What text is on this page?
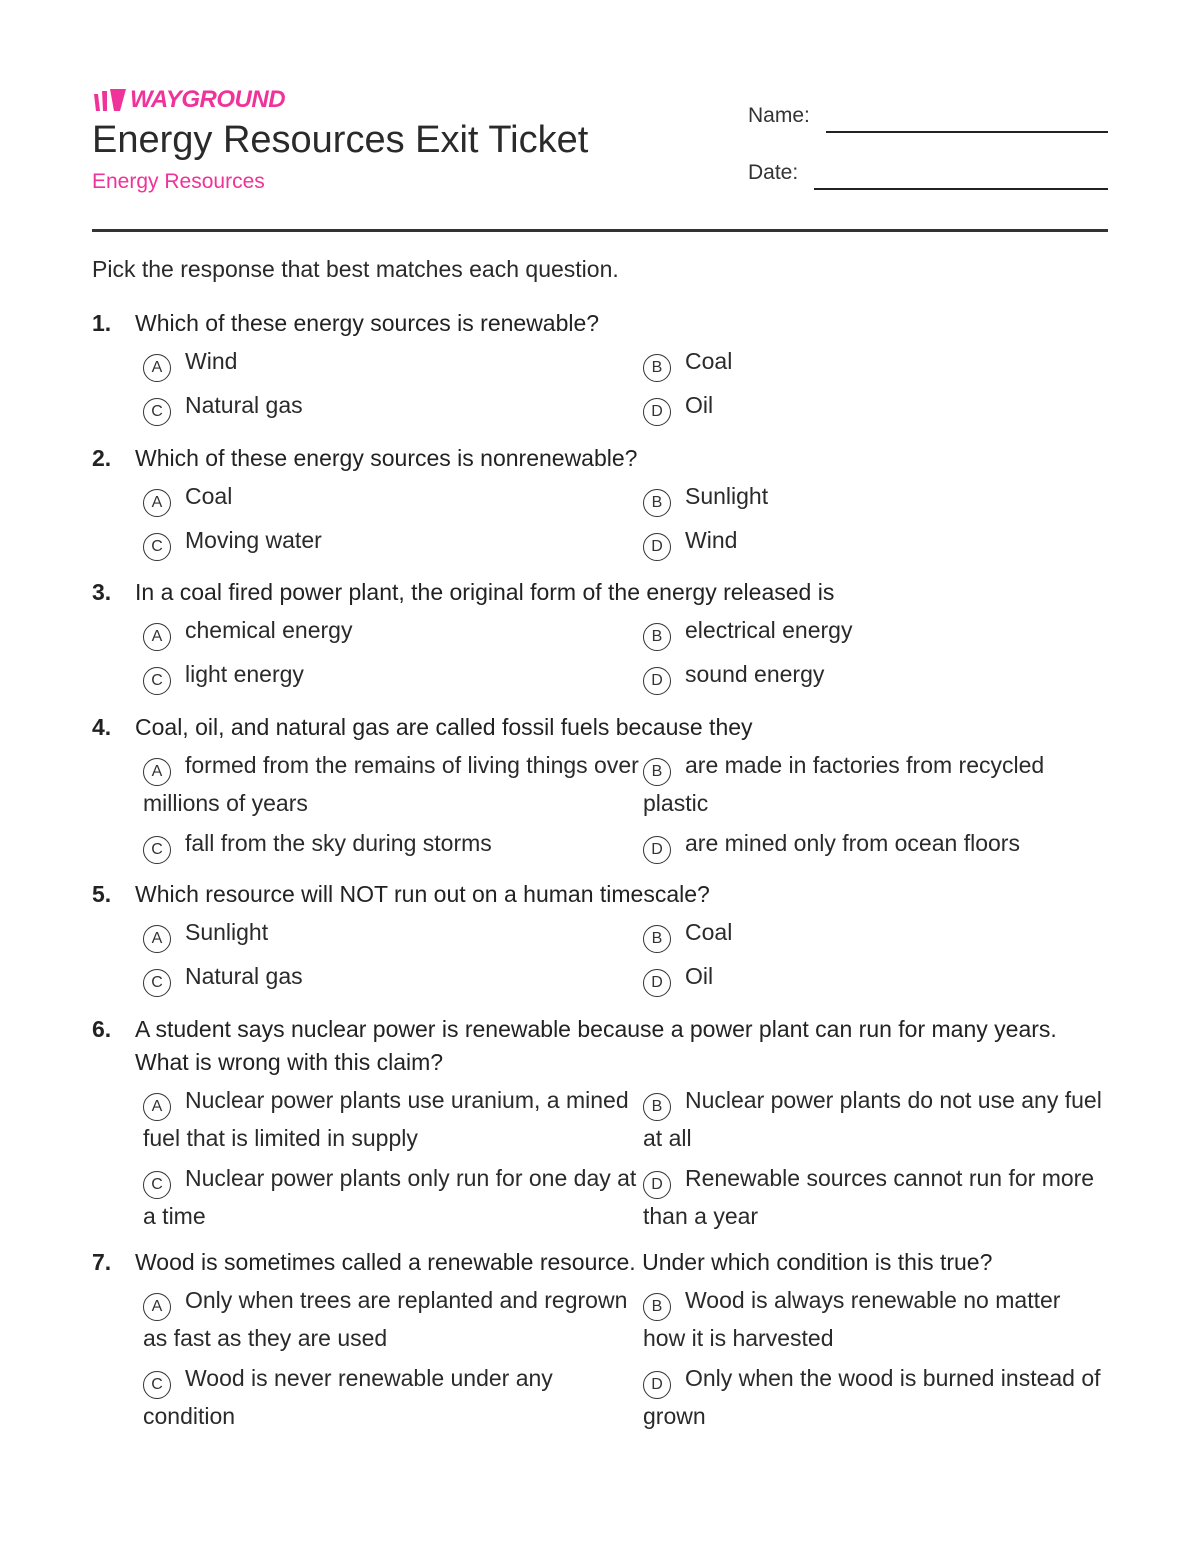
WAYGROUND
Energy Resources Exit Ticket
Energy Resources
Name:
Date:
Pick the response that best matches each question.
1.	Which of these energy sources is renewable?
A Wind	B Coal
C Natural gas	D Oil
2.	Which of these energy sources is nonrenewable?
A Coal	B Sunlight
C Moving water	D Wind
3.	In a coal fired power plant, the original form of the energy released is
A chemical energy	B electrical energy
C light energy	D sound energy
4.	Coal, oil, and natural gas are called fossil fuels because they
A formed from the remains of living things over millions of years
B are made in factories from recycled plastic
C fall from the sky during storms	D are mined only from ocean floors
5.	Which resource will NOT run out on a human timescale?
A Sunlight	B Coal
C Natural gas	D Oil
6.	A student says nuclear power is renewable because a power plant can run for many years. What is wrong with this claim?
A Nuclear power plants use uranium, a mined fuel that is limited in supply
B Nuclear power plants do not use any fuel at all
C Nuclear power plants only run for one day at a time
D Renewable sources cannot run for more than a year
7.	Wood is sometimes called a renewable resource. Under which condition is this true?
A Only when trees are replanted and regrown as fast as they are used
B Wood is always renewable no matter how it is harvested
C Wood is never renewable under any condition
D Only when the wood is burned instead of grown
